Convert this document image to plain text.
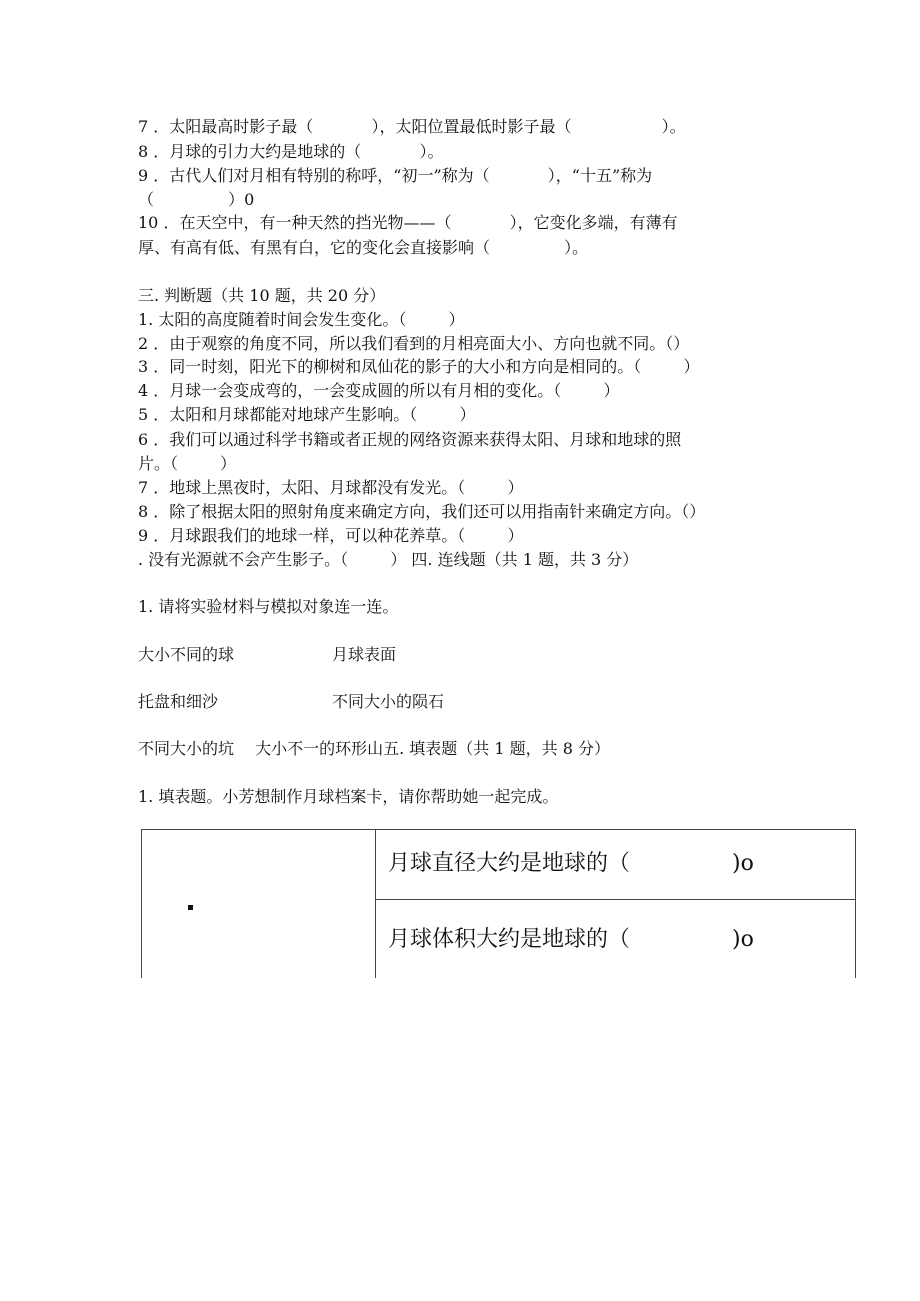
7 ．太阳最高时影子最（ 　　　 ），太阳位置最低时影子最（ 　　　　　 ）。
8 ．月球的引力大约是地球的（ 　　　 ）。
9 ．古代人们对月相有特别的称呼，“初一”称为（ 　　　 ），“十五”称为
（ 　　　　 ）0
10 ．在天空中，有一种天然的挡光物——（ 　　　 ），它变化多端，有薄有
厚、有高有低、有黑有白，它的变化会直接影响（ 　　　　 ）。
三. 判断题（共 10 题，共 20 分）
1. 太阳的高度随着时间会发生变化。（ 　　 ）
2 ．由于观察的角度不同，所以我们看到的月相亮面大小、方向也就不同。（）
3 ．同一时刻，阳光下的柳树和凤仙花的影子的大小和方向是相同的。（ 　　 ）
4 ．月球一会变成弯的，一会变成圆的所以有月相的变化。（ 　　 ）
5 ．太阳和月球都能对地球产生影响。（ 　　 ）
6 ．我们可以通过科学书籍或者正规的网络资源来获得太阳、月球和地球的照
片。（ 　　 ）
7 ．地球上黑夜时，太阳、月球都没有发光。（ 　　 ）
8 ．除了根据太阳的照射角度来确定方向，我们还可以用指南针来确定方向。（）
9 ．月球跟我们的地球一样，可以种花养草。（ 　　 ）
. 没有光源就不会产生影子。（ 　　 ） 四. 连线题（共 1 题，共 3 分）
1. 请将实验材料与模拟对象连一连。
大小不同的球	月球表面
托盘和细沙	不同大小的陨石
不同大小的坑 　大小不一的环形山五. 填表题（共 1 题，共 8 分）
1. 填表题。小芳想制作月球档案卡，请你帮助她一起完成。
月球直径大约是地球的（ 　　　　 )o
月球体积大约是地球的（ 　　　　 )o
